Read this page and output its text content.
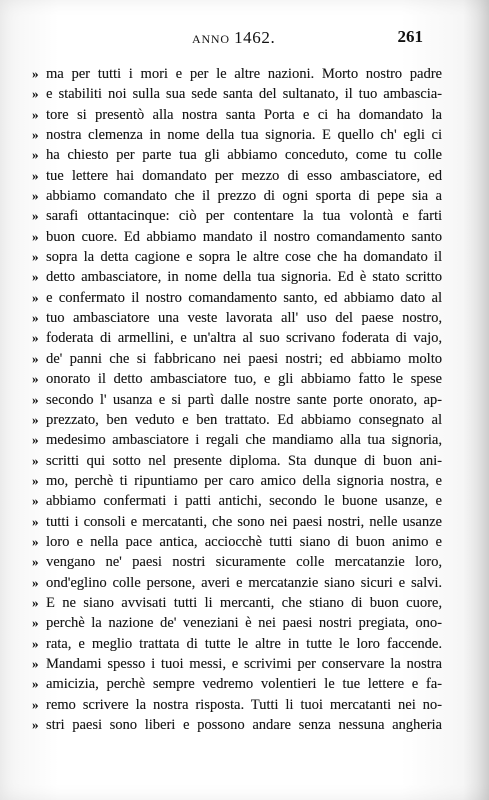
ANNO 1462.	261
» ma per tutti i mori e per le altre nazioni. Morto nostro padre
» e stabiliti noi sulla sua sede santa del sultanato, il tuo ambascia-
» tore si presentò alla nostra santa Porta e ci ha domandato la
» nostra clemenza in nome della tua signoria. E quello ch' egli ci
» ha chiesto per parte tua gli abbiamo conceduto, come tu colle
» tue lettere hai domandato per mezzo di esso ambasciatore, ed
» abbiamo comandato che il prezzo di ogni sporta di pepe sia a
» sarafi ottantacinque: ciò per contentare la tua volontà e farti
» buon cuore. Ed abbiamo mandato il nostro comandamento santo
» sopra la detta cagione e sopra le altre cose che ha domandato il
» detto ambasciatore, in nome della tua signoria. Ed è stato scritto
» e confermato il nostro comandamento santo, ed abbiamo dato al
» tuo ambasciatore una veste lavorata all' uso del paese nostro,
» foderata di armellini, e un'altra al suo scrivano foderata di vajo,
» de' panni che si fabbricano nei paesi nostri; ed abbiamo molto
» onorato il detto ambasciatore tuo, e gli abbiamo fatto le spese
» secondo l' usanza e si partì dalle nostre sante porte onorato, ap-
» prezzato, ben veduto e ben trattato. Ed abbiamo consegnato al
» medesimo ambasciatore i regali che mandiamo alla tua signoria,
» scritti qui sotto nel presente diploma. Sta dunque di buon ani-
» mo, perchè ti ripuntiamo per caro amico della signoria nostra, e
» abbiamo confermati i patti antichi, secondo le buone usanze, e
» tutti i consoli e mercatanti, che sono nei paesi nostri, nelle usanze
» loro e nella pace antica, acciocchè tutti siano di buon animo e
» vengano ne' paesi nostri sicuramente colle mercatanzie loro,
» ond'eglino colle persone, averi e mercatanzie siano sicuri e salvi.
» E ne siano avvisati tutti li mercanti, che stiano di buon cuore,
» perchè la nazione de' veneziani è nei paesi nostri pregiata, ono-
» rata, e meglio trattata di tutte le altre in tutte le loro faccende.
» Mandami spesso i tuoi messi, e scrivimi per conservare la nostra
» amicizia, perchè sempre vedremo volentieri le tue lettere e fa-
» remo scrivere la nostra risposta. Tutti li tuoi mercatanti nei no-
» stri paesi sono liberi e possono andare senza nessuna angheria
